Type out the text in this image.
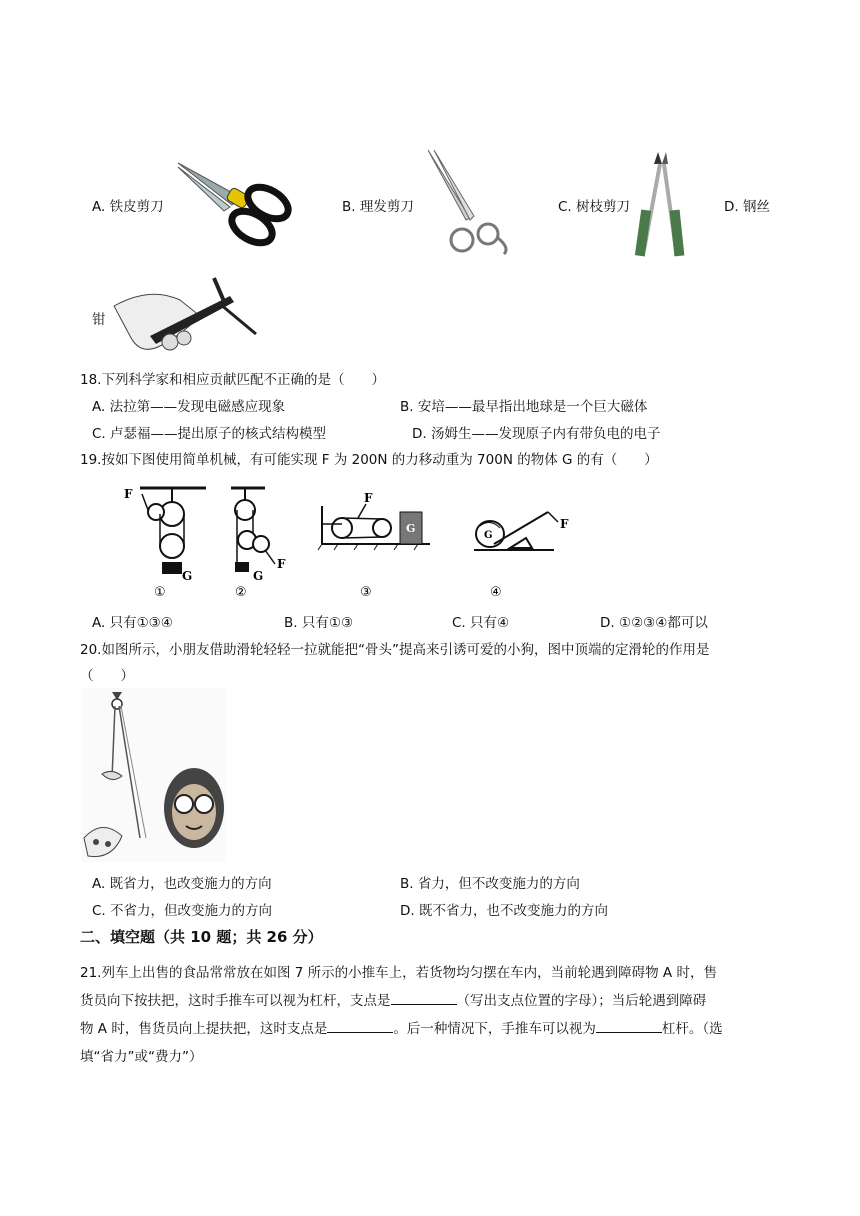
A. 铁皮剪刀	B. 理发剪刀	C. 树枝剪刀	D. 钢丝
钳
18.下列科学家和相应贡献匹配不正确的是（　　）
A. 法拉第——发现电磁感应现象	B. 安培——最早指出地球是一个巨大磁体
C. 卢瑟福——提出原子的核式结构模型	D. 汤姆生——发现原子内有带负电的电子
19.按如下图使用简单机械，有可能实现 F 为 200N 的力移动重为 700N 的物体 G 的有（　　）
F
G
①
F
G
②
F
G
③
G
F
④
A. 只有①③④	B. 只有①③	C. 只有④	D. ①②③④都可以
20.如图所示，小朋友借助滑轮轻轻一拉就能把“骨头”提高来引诱可爱的小狗，图中顶端的定滑轮的作用是
（　　）
A. 既省力，也改变施力的方向	B. 省力，但不改变施力的方向
C. 不省力，但改变施力的方向	D. 既不省力，也不改变施力的方向
二、填空题（共 10 题；共 26 分）
21.列车上出售的食品常常放在如图 7 所示的小推车上，若货物均匀摆在车内，当前轮遇到障碍物 A 时，售
货员向下按扶把，这时手推车可以视为杠杆，支点是	（写出支点位置的字母）；当后轮遇到障碍
物 A 时，售货员向上提扶把，这时支点是	。后一种情况下，手推车可以视为	杠杆。（选
填“省力”或“费力”）
